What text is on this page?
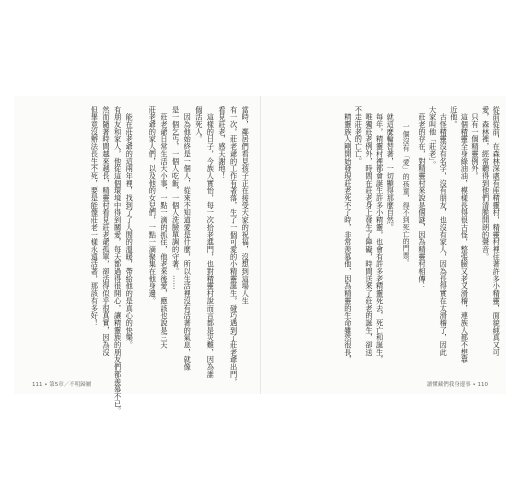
111 • 第5章／不明歸屬	讀懂藏們我身邊事 • 110
從前從前，在森林深處有座精靈村，精靈村裡住著許多小精靈，面貌純真又可
愛，森林裡，經常聽得到他們清脆開朗的聲音。
　只有一個精靈例外。
　這個精靈全身綠油油，模樣長得很古怪，整張臉又老又滑稽，連族人都不想靠
近他。
　古怪精靈沒有名字，沒有朋友，也沒有家人，因為長得實在太滑稽了，因此
大家叫他「莊老」。
　莊老的存在，對精靈村來說是個謎，因為精靈村相傳：
　就這麼輪替著，一切顯得那麼自然。
　每年，精靈村裡都會誕生許多小精靈，也會有許多老精靈死去，死亡和誕生，
　唯獨莊老例外，時間在莊老身上發生了障礙，時間送來了莊老的誕生，卻送
不走莊老的亡亡。
　精靈族人剛開始發現莊老死不了時，非常羨慕他，因為精靈的生命雖然很長，
當時，鄰居們看見孩子正在接受大家的祝福，沒想到這場人生
有一次，莊老爺的工作有著落，生了一個可愛的小精靈誕生，碰巧遇到了莊老爺出門，
看見莊老，感天謝地！
　這樣的日子，今族人實怡，每一次拾老進門，也對精靈村說而言都是災難，因為誰
個活死人。
　因為他始終是一個人，從來不知道愛是什麼，所以生活裡沒有活著的氣息，就像
是一個乞丐，一個人吃飯，一個人洗臉單調的守著。……
　莊老爺日常生活大小事，一點一滴的抓住，他老來後愛，應該也說是三天
莊老爺的家人們，以及他的女兒們，一點一滴聚集在他身邊。
　能在莊老爺的這兩年裡，找到了了人間的溫暖，帶給他的是真心的快樂。
有朋友和家人，他從這個環境中得到關愛，每天都過得很開心，讓精靈族的朋友們都羨慕不已。
然而隨著時間越來越長，精靈村看見莊老爺孤單，卻活得似乎很真實，因為沒
但畢竟沒辦法長生不死，要是能像莊老一樣永遠活著，那該有多好！	一個沒有「愛」的孩童，得不到死亡的門票。
